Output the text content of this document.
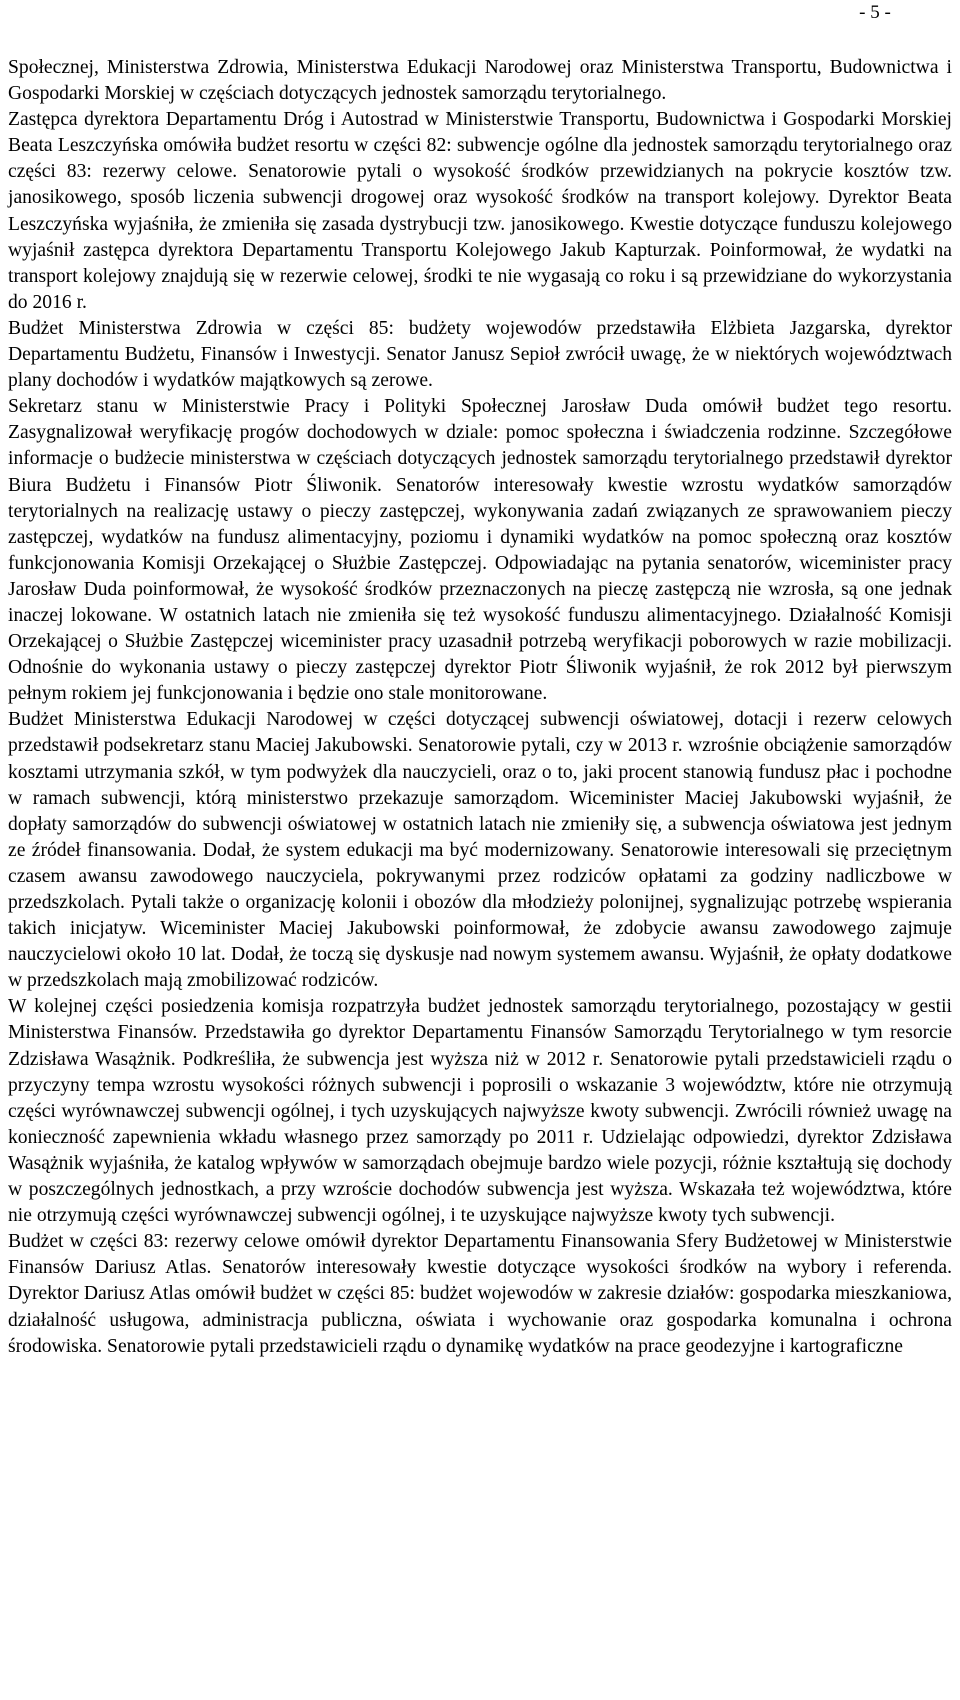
- 5 -

Społecznej, Ministerstwa Zdrowia, Ministerstwa Edukacji Narodowej oraz Ministerstwa Transportu, Budownictwa i Gospodarki Morskiej w częściach dotyczących jednostek samorządu terytorialnego.

Zastępca dyrektora Departamentu Dróg i Autostrad w Ministerstwie Transportu, Budownictwa i Gospodarki Morskiej Beata Leszczyńska omówiła budżet resortu w części 82: subwencje ogólne dla jednostek samorządu terytorialnego oraz części 83: rezerwy celowe. Senatorowie pytali o wysokość środków przewidzianych na pokrycie kosztów tzw. janosikowego, sposób liczenia subwencji drogowej oraz wysokość środków na transport kolejowy. Dyrektor Beata Leszczyńska wyjaśniła, że zmieniła się zasada dystrybucji tzw. janosikowego. Kwestie dotyczące funduszu kolejowego wyjaśnił zastępca dyrektora Departamentu Transportu Kolejowego Jakub Kapturzak. Poinformował, że wydatki na transport kolejowy znajdują się w rezerwie celowej, środki te nie wygasają co roku i są przewidziane do wykorzystania do 2016 r.

Budżet Ministerstwa Zdrowia w części 85: budżety wojewodów przedstawiła Elżbieta Jazgarska, dyrektor Departamentu Budżetu, Finansów i Inwestycji. Senator Janusz Sepioł zwrócił uwagę, że w niektórych województwach plany dochodów i wydatków majątkowych są zerowe.

Sekretarz stanu w Ministerstwie Pracy i Polityki Społecznej Jarosław Duda omówił budżet tego resortu. Zasygnalizował weryfikację progów dochodowych w dziale: pomoc społeczna i świadczenia rodzinne. Szczegółowe informacje o budżecie ministerstwa w częściach dotyczących jednostek samorządu terytorialnego przedstawił dyrektor Biura Budżetu i Finansów Piotr Śliwonik. Senatorów interesowały kwestie wzrostu wydatków samorządów terytorialnych na realizację ustawy o pieczy zastępczej, wykonywania zadań związanych ze sprawowaniem pieczy zastępczej, wydatków na fundusz alimentacyjny, poziomu i dynamiki wydatków na pomoc społeczną oraz kosztów funkcjonowania Komisji Orzekającej o Służbie Zastępczej. Odpowiadając na pytania senatorów, wiceminister pracy Jarosław Duda poinformował, że wysokość środków przeznaczonych na pieczę zastępczą nie wzrosła, są one jednak inaczej lokowane. W ostatnich latach nie zmieniła się też wysokość funduszu alimentacyjnego. Działalność Komisji Orzekającej o Służbie Zastępczej wiceminister pracy uzasadnił potrzebą weryfikacji poborowych w razie mobilizacji. Odnośnie do wykonania ustawy o pieczy zastępczej dyrektor Piotr Śliwonik wyjaśnił, że rok 2012 był pierwszym pełnym rokiem jej funkcjonowania i będzie ono stale monitorowane.

Budżet Ministerstwa Edukacji Narodowej w części dotyczącej subwencji oświatowej, dotacji i rezerw celowych przedstawił podsekretarz stanu Maciej Jakubowski. Senatorowie pytali, czy w 2013 r. wzrośnie obciążenie samorządów kosztami utrzymania szkół, w tym podwyżek dla nauczycieli, oraz o to, jaki procent stanowią fundusz płac i pochodne w ramach subwencji, którą ministerstwo przekazuje samorządom. Wiceminister Maciej Jakubowski wyjaśnił, że dopłaty samorządów do subwencji oświatowej w ostatnich latach nie zmieniły się, a subwencja oświatowa jest jednym ze źródeł finansowania. Dodał, że system edukacji ma być modernizowany. Senatorowie interesowali się przeciętnym czasem awansu zawodowego nauczyciela, pokrywanymi przez rodziców opłatami za godziny nadliczbowe w przedszkolach. Pytali także o organizację kolonii i obozów dla młodzieży polonijnej, sygnalizując potrzebę wspierania takich inicjatyw. Wiceminister Maciej Jakubowski poinformował, że zdobycie awansu zawodowego zajmuje nauczycielowi około 10 lat. Dodał, że toczą się dyskusje nad nowym systemem awansu. Wyjaśnił, że opłaty dodatkowe w przedszkolach mają zmobilizować rodziców.

W kolejnej części posiedzenia komisja rozpatrzyła budżet jednostek samorządu terytorialnego, pozostający w gestii Ministerstwa Finansów. Przedstawiła go dyrektor Departamentu Finansów Samorządu Terytorialnego w tym resorcie Zdzisława Wasążnik. Podkreśliła, że subwencja jest wyższa niż w 2012 r. Senatorowie pytali przedstawicieli rządu o przyczyny tempa wzrostu wysokości różnych subwencji i poprosili o wskazanie 3 województw, które nie otrzymują części wyrównawczej subwencji ogólnej, i tych uzyskujących najwyższe kwoty subwencji. Zwrócili również uwagę na konieczność zapewnienia wkładu własnego przez samorządy po 2011 r. Udzielając odpowiedzi, dyrektor Zdzisława Wasążnik wyjaśniła, że katalog wpływów w samorządach obejmuje bardzo wiele pozycji, różnie kształtują się dochody w poszczególnych jednostkach, a przy wzroście dochodów subwencja jest wyższa. Wskazała też województwa, które nie otrzymują części wyrównawczej subwencji ogólnej, i te uzyskujące najwyższe kwoty tych subwencji.

Budżet w części 83: rezerwy celowe omówił dyrektor Departamentu Finansowania Sfery Budżetowej w Ministerstwie Finansów Dariusz Atlas. Senatorów interesowały kwestie dotyczące wysokości środków na wybory i referenda. Dyrektor Dariusz Atlas omówił budżet w części 85: budżet wojewodów w zakresie działów: gospodarka mieszkaniowa, działalność usługowa, administracja publiczna, oświata i wychowanie oraz gospodarka komunalna i ochrona środowiska. Senatorowie pytali przedstawicieli rządu o dynamikę wydatków na prace geodezyjne i kartograficzne
